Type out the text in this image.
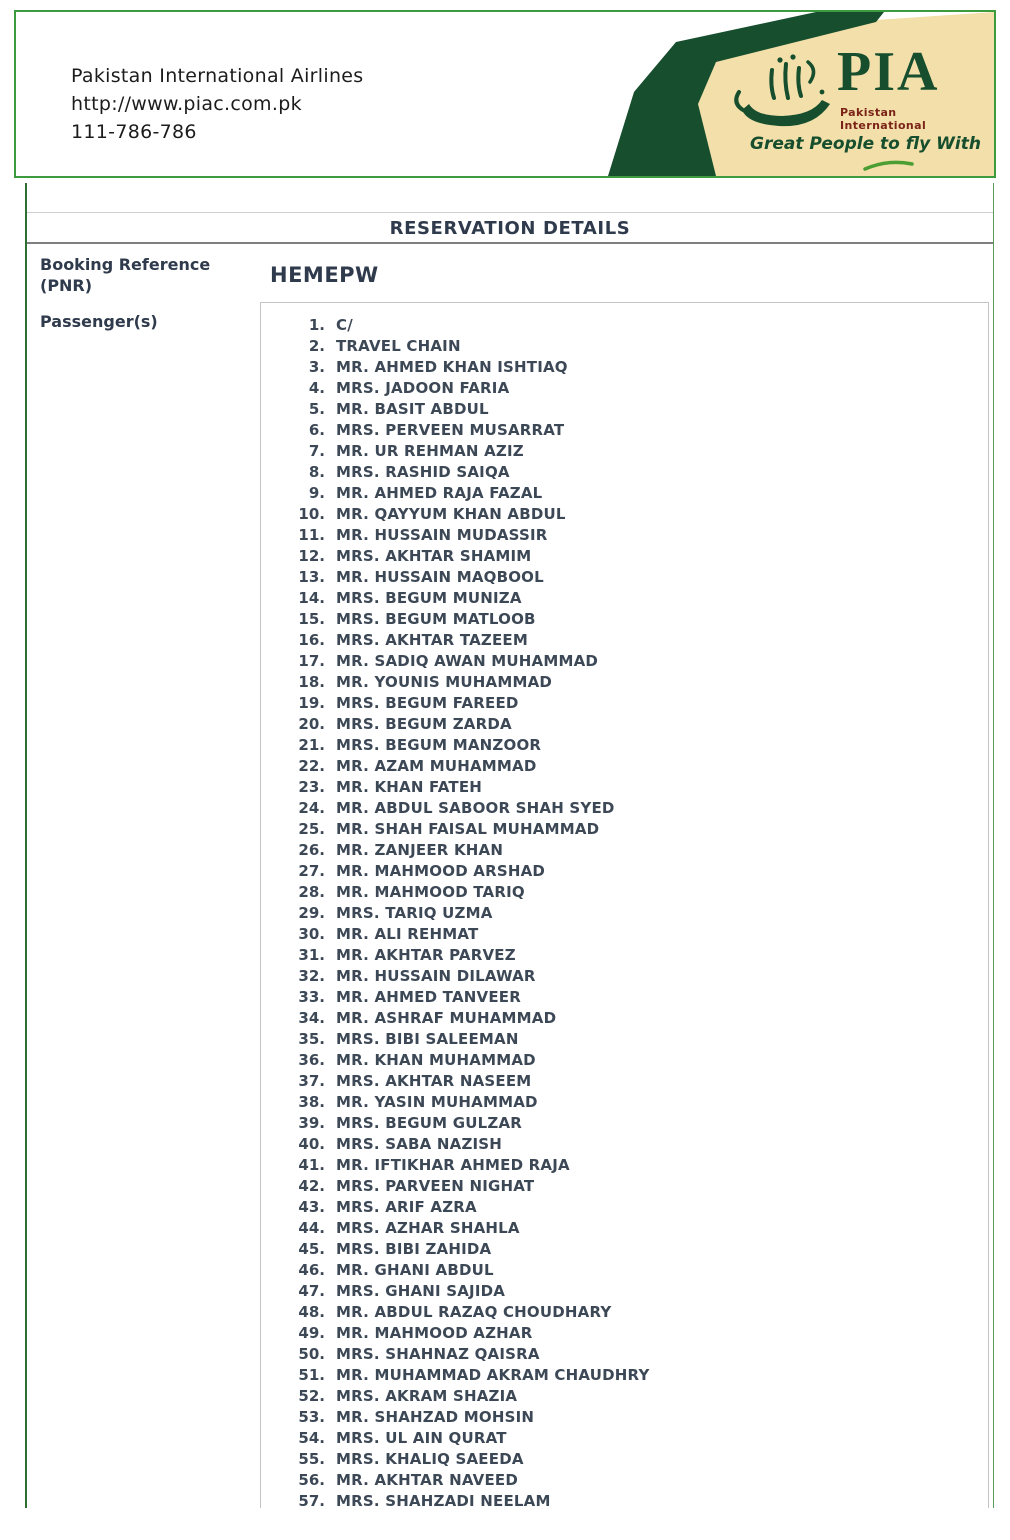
Pakistan International Airlines
http://www.piac.com.pk
111-786-786
PIA
Pakistan International
Great People to fly With
RESERVATION DETAILS
Booking Reference
(PNR)	HEMEPW
Passenger(s)	1. C/
2. TRAVEL CHAIN
3. MR. AHMED KHAN ISHTIAQ
4. MRS. JADOON FARIA
5. MR. BASIT ABDUL
6. MRS. PERVEEN MUSARRAT
7. MR. UR REHMAN AZIZ
8. MRS. RASHID SAIQA
9. MR. AHMED RAJA FAZAL
10. MR. QAYYUM KHAN ABDUL
11. MR. HUSSAIN MUDASSIR
12. MRS. AKHTAR SHAMIM
13. MR. HUSSAIN MAQBOOL
14. MRS. BEGUM MUNIZA
15. MRS. BEGUM MATLOOB
16. MRS. AKHTAR TAZEEM
17. MR. SADIQ AWAN MUHAMMAD
18. MR. YOUNIS MUHAMMAD
19. MRS. BEGUM FAREED
20. MRS. BEGUM ZARDA
21. MRS. BEGUM MANZOOR
22. MR. AZAM MUHAMMAD
23. MR. KHAN FATEH
24. MR. ABDUL SABOOR SHAH SYED
25. MR. SHAH FAISAL MUHAMMAD
26. MR. ZANJEER KHAN
27. MR. MAHMOOD ARSHAD
28. MR. MAHMOOD TARIQ
29. MRS. TARIQ UZMA
30. MR. ALI REHMAT
31. MR. AKHTAR PARVEZ
32. MR. HUSSAIN DILAWAR
33. MR. AHMED TANVEER
34. MR. ASHRAF MUHAMMAD
35. MRS. BIBI SALEEMAN
36. MR. KHAN MUHAMMAD
37. MRS. AKHTAR NASEEM
38. MR. YASIN MUHAMMAD
39. MRS. BEGUM GULZAR
40. MRS. SABA NAZISH
41. MR. IFTIKHAR AHMED RAJA
42. MRS. PARVEEN NIGHAT
43. MRS. ARIF AZRA
44. MRS. AZHAR SHAHLA
45. MRS. BIBI ZAHIDA
46. MR. GHANI ABDUL
47. MRS. GHANI SAJIDA
48. MR. ABDUL RAZAQ CHOUDHARY
49. MR. MAHMOOD AZHAR
50. MRS. SHAHNAZ QAISRA
51. MR. MUHAMMAD AKRAM CHAUDHRY
52. MRS. AKRAM SHAZIA
53. MR. SHAHZAD MOHSIN
54. MRS. UL AIN QURAT
55. MRS. KHALIQ SAEEDA
56. MR. AKHTAR NAVEED
57. MRS. SHAHZADI NEELAM
